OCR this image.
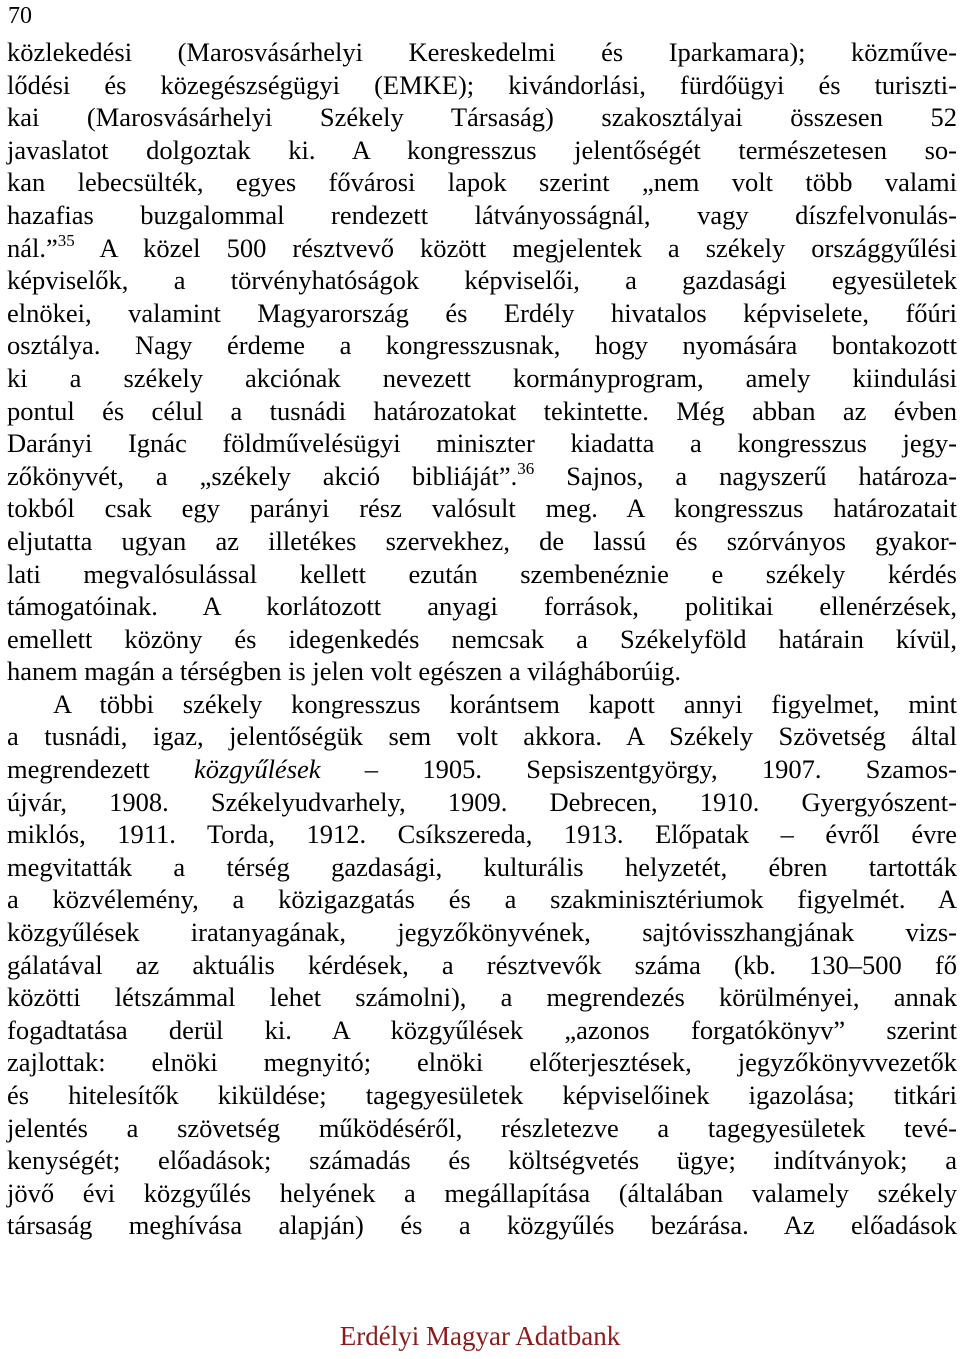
70
közlekedési (Marosvásárhelyi Kereskedelmi és Iparkamara); közműve-
lődési és közegészségügyi (EMKE); kivándorlási, fürdőügyi és turiszti-
kai (Marosvásárhelyi Székely Társaság) szakosztályai összesen 52
javaslatot dolgoztak ki. A kongresszus jelentőségét természetesen so-
kan lebecsülték, egyes fővárosi lapok szerint „nem volt több valami
hazafias buzgalommal rendezett látványosságnál, vagy díszfelvonulás-
nál.”$^{35}$ A közel 500 résztvevő között megjelentek a székely országgyűlési
képviselők, a törvényhatóságok képviselői, a gazdasági egyesületek
elnökei, valamint Magyarország és Erdély hivatalos képviselete, főúri
osztálya. Nagy érdeme a kongresszusnak, hogy nyomására bontakozott
ki a székely akciónak nevezett kormányprogram, amely kiindulási
pontul és célul a tusnádi határozatokat tekintette. Még abban az évben
Darányi Ignác földművelésügyi miniszter kiadatta a kongresszus jegy-
zőkönyvét, a „székely akció bibliáját”.$^{36}$ Sajnos, a nagyszerű határoza-
tokból csak egy parányi rész valósult meg. A kongresszus határozatait
eljutatta ugyan az illetékes szervekhez, de lassú és szórványos gyakor-
lati megvalósulással kellett ezután szembenéznie e székely kérdés
támogatóinak. A korlátozott anyagi források, politikai ellenérzések,
emellett közöny és idegenkedés nemcsak a Székelyföld határain kívül,
hanem magán a térségben is jelen volt egészen a világháborúig.
A többi székely kongresszus korántsem kapott annyi figyelmet, mint
a tusnádi, igaz, jelentőségük sem volt akkora. A Székely Szövetség által
megrendezett közgyűlések – 1905. Sepsiszentgyörgy, 1907. Szamos-
újvár, 1908. Székelyudvarhely, 1909. Debrecen, 1910. Gyergyószent-
miklós, 1911. Torda, 1912. Csíkszereda, 1913. Előpatak – évről évre
megvitatták a térség gazdasági, kulturális helyzetét, ébren tartották
a közvélemény, a közigazgatás és a szakminisztériumok figyelmét. A
közgyűlések iratanyagának, jegyzőkönyvének, sajtóvisszhangjának vizs-
gálatával az aktuális kérdések, a résztvevők száma (kb. 130–500 fő
közötti létszámmal lehet számolni), a megrendezés körülményei, annak
fogadtatása derül ki. A közgyűlések „azonos forgatókönyv” szerint
zajlottak: elnöki megnyitó; elnöki előterjesztések, jegyzőkönyvvezetők
és hitelesítők kiküldése; tagegyesületek képviselőinek igazolása; titkári
jelentés a szövetség működéséről, részletezve a tagegyesületek tevé-
kenységét; előadások; számadás és költségvetés ügye; indítványok; a
jövő évi közgyűlés helyének a megállapítása (általában valamely székely
társaság meghívása alapján) és a közgyűlés bezárása. Az előadások
Erdélyi Magyar Adatbank
